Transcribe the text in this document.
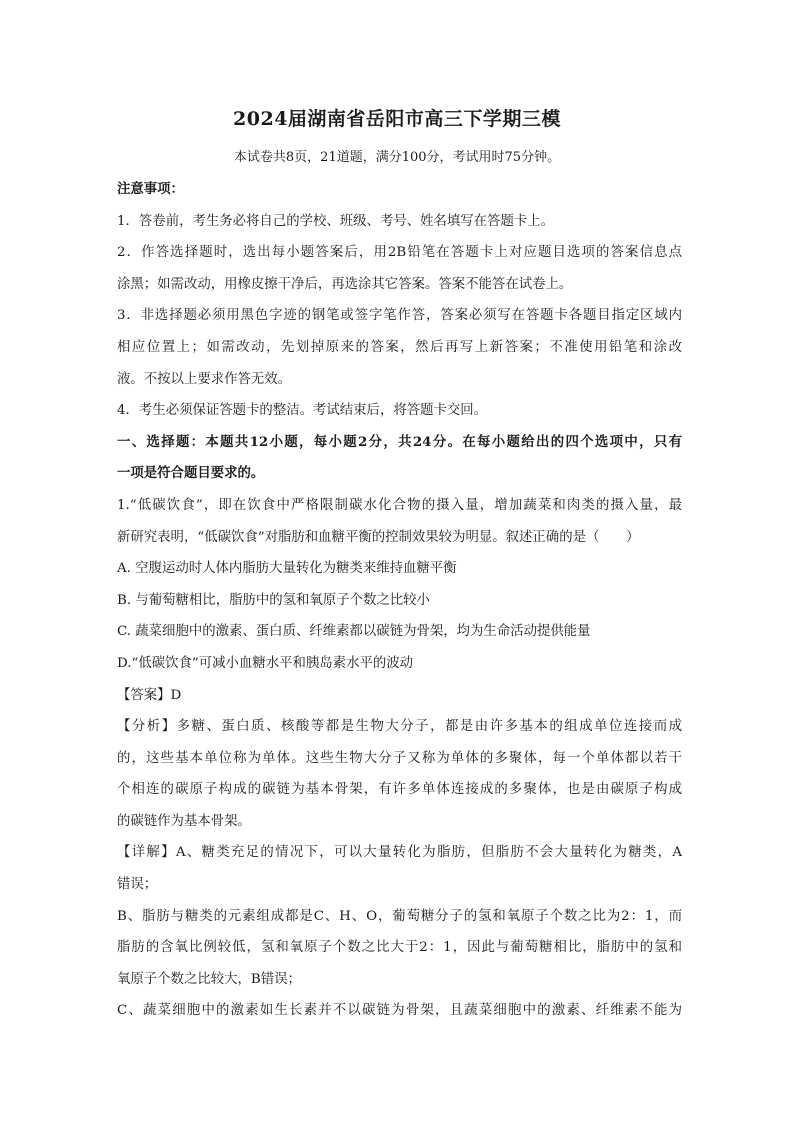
2024届湖南省岳阳市高三下学期三模

本试卷共8页，21道题，满分100分，考试用时75分钟。

注意事项：
1．答卷前，考生务必将自己的学校、班级、考号、姓名填写在答题卡上。
2．作答选择题时，选出每小题答案后，用2B铅笔在答题卡上对应题目选项的答案信息点
涂黑；如需改动，用橡皮擦干净后，再选涂其它答案。答案不能答在试卷上。
3．非选择题必须用黑色字迹的钢笔或签字笔作答，答案必须写在答题卡各题目指定区域内
相应位置上；如需改动，先划掉原来的答案，然后再写上新答案；不准使用铅笔和涂改
液。不按以上要求作答无效。
4．考生必须保证答题卡的整洁。考试结束后，将答题卡交回。
一、选择题：本题共12小题，每小题2分，共24分。在每小题给出的四个选项中，只有
一项是符合题目要求的。
1.“低碳饮食”，即在饮食中严格限制碳水化合物的摄入量，增加蔬菜和肉类的摄入量，最
新研究表明，“低碳饮食”对脂肪和血糖平衡的控制效果较为明显。叙述正确的是（　　）
A. 空腹运动时人体内脂肪大量转化为糖类来维持血糖平衡
B. 与葡萄糖相比，脂肪中的氢和氧原子个数之比较小
C. 蔬菜细胞中的激素、蛋白质、纤维素都以碳链为骨架，均为生命活动提供能量
D.“低碳饮食”可减小血糖水平和胰岛素水平的波动
【答案】D
【分析】多糖、蛋白质、核酸等都是生物大分子，都是由许多基本的组成单位连接而成
的，这些基本单位称为单体。这些生物大分子又称为单体的多聚体，每一个单体都以若干
个相连的碳原子构成的碳链为基本骨架，有许多单体连接成的多聚体，也是由碳原子构成
的碳链作为基本骨架。
【详解】A、糖类充足的情况下，可以大量转化为脂肪，但脂肪不会大量转化为糖类，A
错误；
B、脂肪与糖类的元素组成都是C、H、O，葡萄糖分子的氢和氧原子个数之比为2：1，而
脂肪的含氧比例较低，氢和氧原子个数之比大于2：1，因此与葡萄糖相比，脂肪中的氢和
氧原子个数之比较大，B错误；
C、蔬菜细胞中的激素如生长素并不以碳链为骨架，且蔬菜细胞中的激素、纤维素不能为
